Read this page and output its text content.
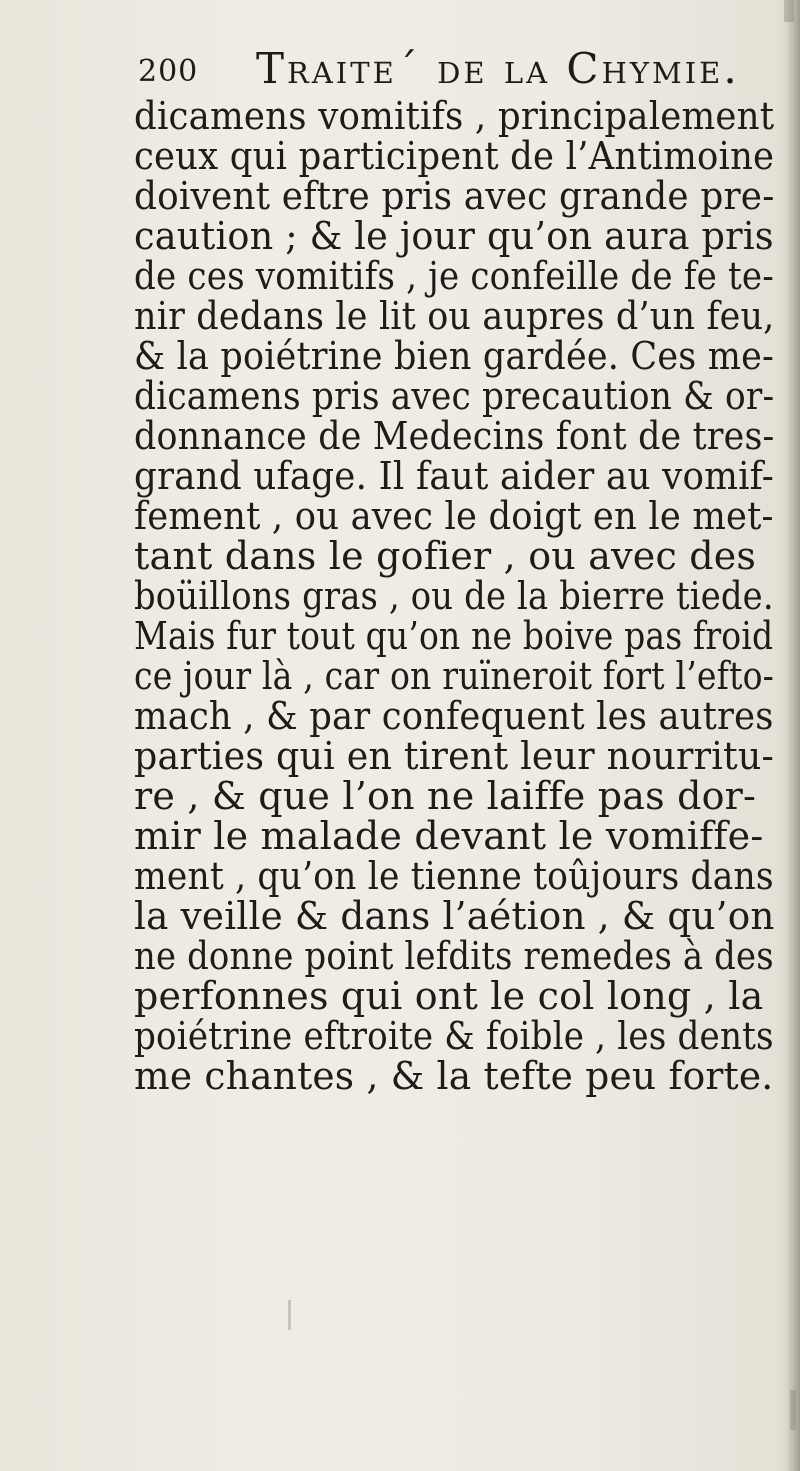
200 Traite´ de la Chymie.
dicamens vomitifs , principalement
ceux qui participent de l’Antimoine
doivent eftre pris avec grande pre-
caution ; & le jour qu’on aura pris
de ces vomitifs , je confeille de fe te-
nir dedans le lit ou aupres d’un feu,
& la poiétrine bien gardée. Ces me-
dicamens pris avec precaution & or-
donnance de Medecins font de tres-
grand ufage. Il faut aider au vomif-
fement , ou avec le doigt en le met-
tant dans le gofier , ou avec des
boüillons gras , ou de la bierre tiede.
Mais fur tout qu’on ne boive pas froid
ce jour là , car on ruïneroit fort l’efto-
mach , & par confequent les autres
parties qui en tirent leur nourritu-
re , & que l’on ne laiffe pas dor-
mir le malade devant le vomiffe-
ment , qu’on le tienne toûjours dans
la veille & dans l’aétion , & qu’on
ne donne point lefdits remedes à des
perfonnes qui ont le col long , la
poiétrine eftroite & foible , les dents
me chantes , & la tefte peu forte.
